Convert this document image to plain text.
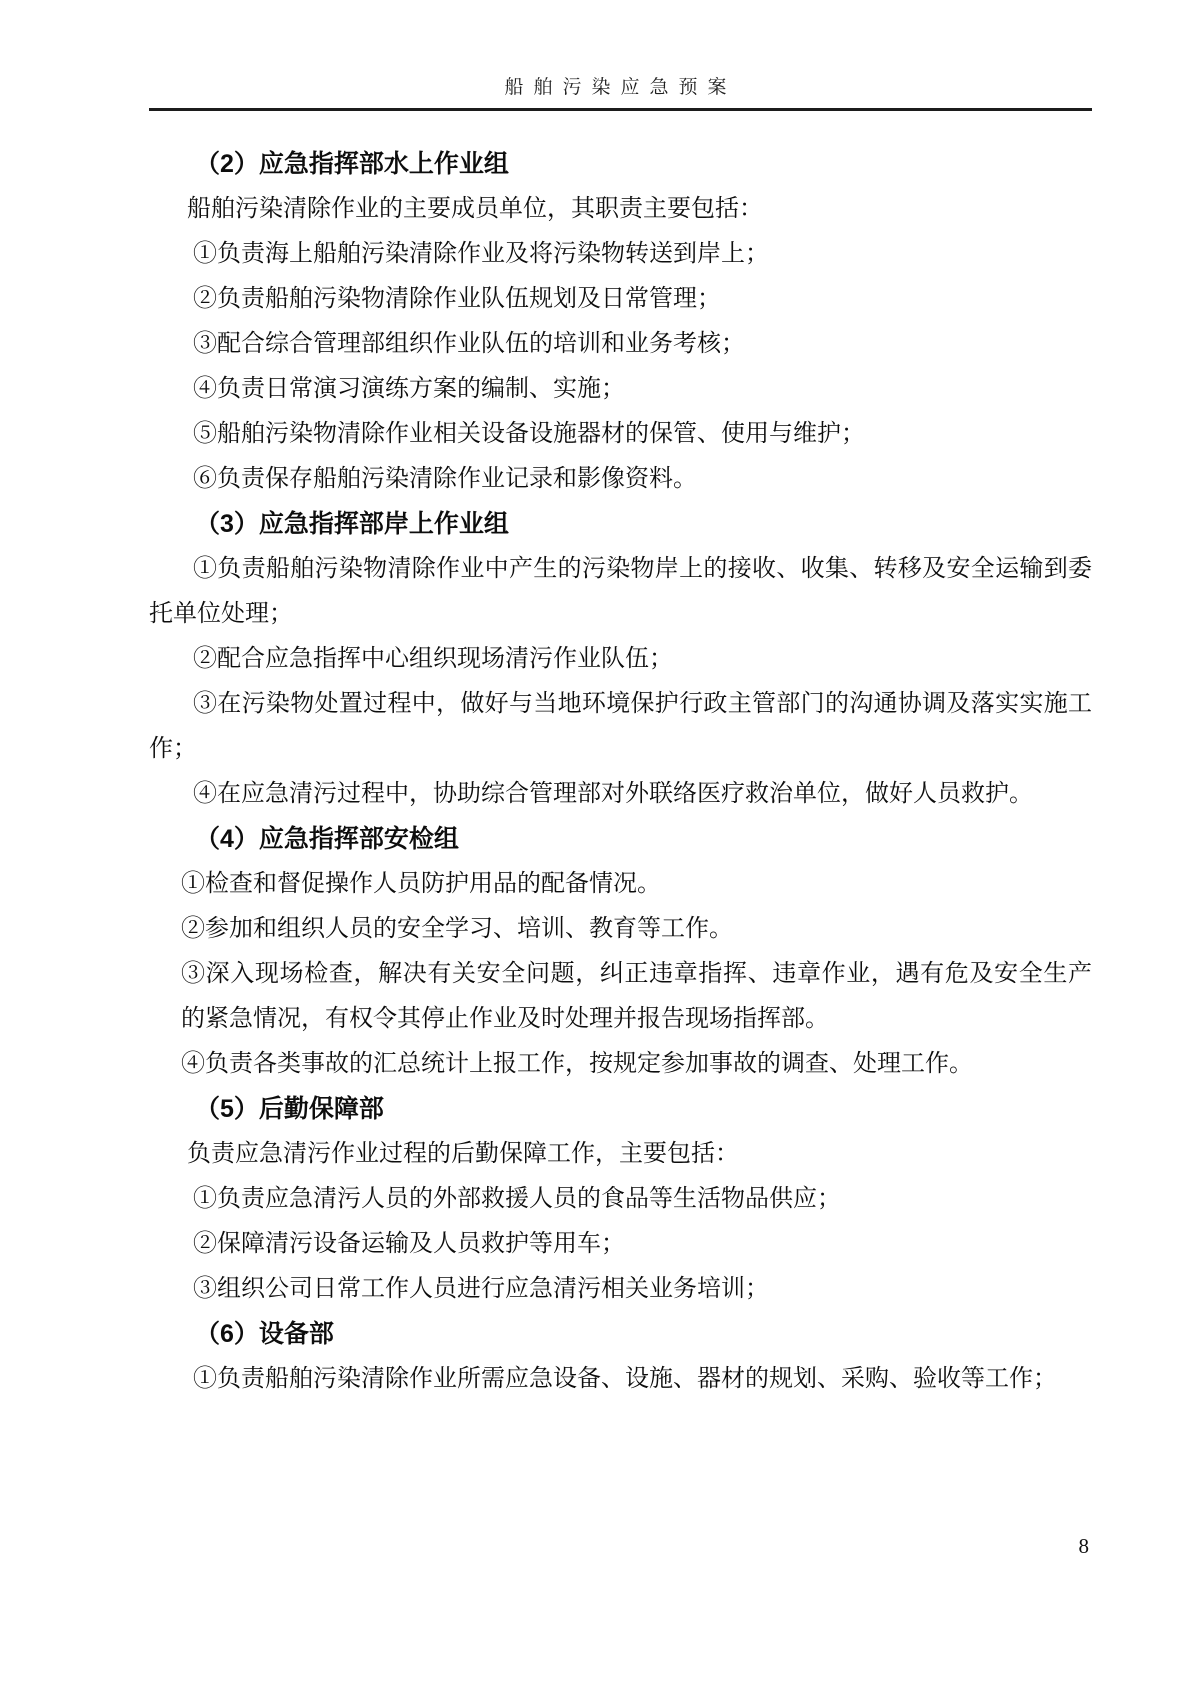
船舶污染应急预案

（2）应急指挥部水上作业组

船舶污染清除作业的主要成员单位，其职责主要包括：

①负责海上船舶污染清除作业及将污染物转送到岸上；

②负责船舶污染物清除作业队伍规划及日常管理；

③配合综合管理部组织作业队伍的培训和业务考核；

④负责日常演习演练方案的编制、实施；

⑤船舶污染物清除作业相关设备设施器材的保管、使用与维护；

⑥负责保存船舶污染清除作业记录和影像资料。

（3）应急指挥部岸上作业组

①负责船舶污染物清除作业中产生的污染物岸上的接收、收集、转移及安全运输到委托单位处理；

②配合应急指挥中心组织现场清污作业队伍；

③在污染物处置过程中，做好与当地环境保护行政主管部门的沟通协调及落实实施工作；

④在应急清污过程中，协助综合管理部对外联络医疗救治单位，做好人员救护。

（4）应急指挥部安检组

①检查和督促操作人员防护用品的配备情况。

②参加和组织人员的安全学习、培训、教育等工作。

③深入现场检查，解决有关安全问题，纠正违章指挥、违章作业，遇有危及安全生产的紧急情况，有权令其停止作业及时处理并报告现场指挥部。

④负责各类事故的汇总统计上报工作，按规定参加事故的调查、处理工作。

（5）后勤保障部

负责应急清污作业过程的后勤保障工作，主要包括：

①负责应急清污人员的外部救援人员的食品等生活物品供应；

②保障清污设备运输及人员救护等用车；

③组织公司日常工作人员进行应急清污相关业务培训；

（6）设备部

①负责船舶污染清除作业所需应急设备、设施、器材的规划、采购、验收等工作；

8
